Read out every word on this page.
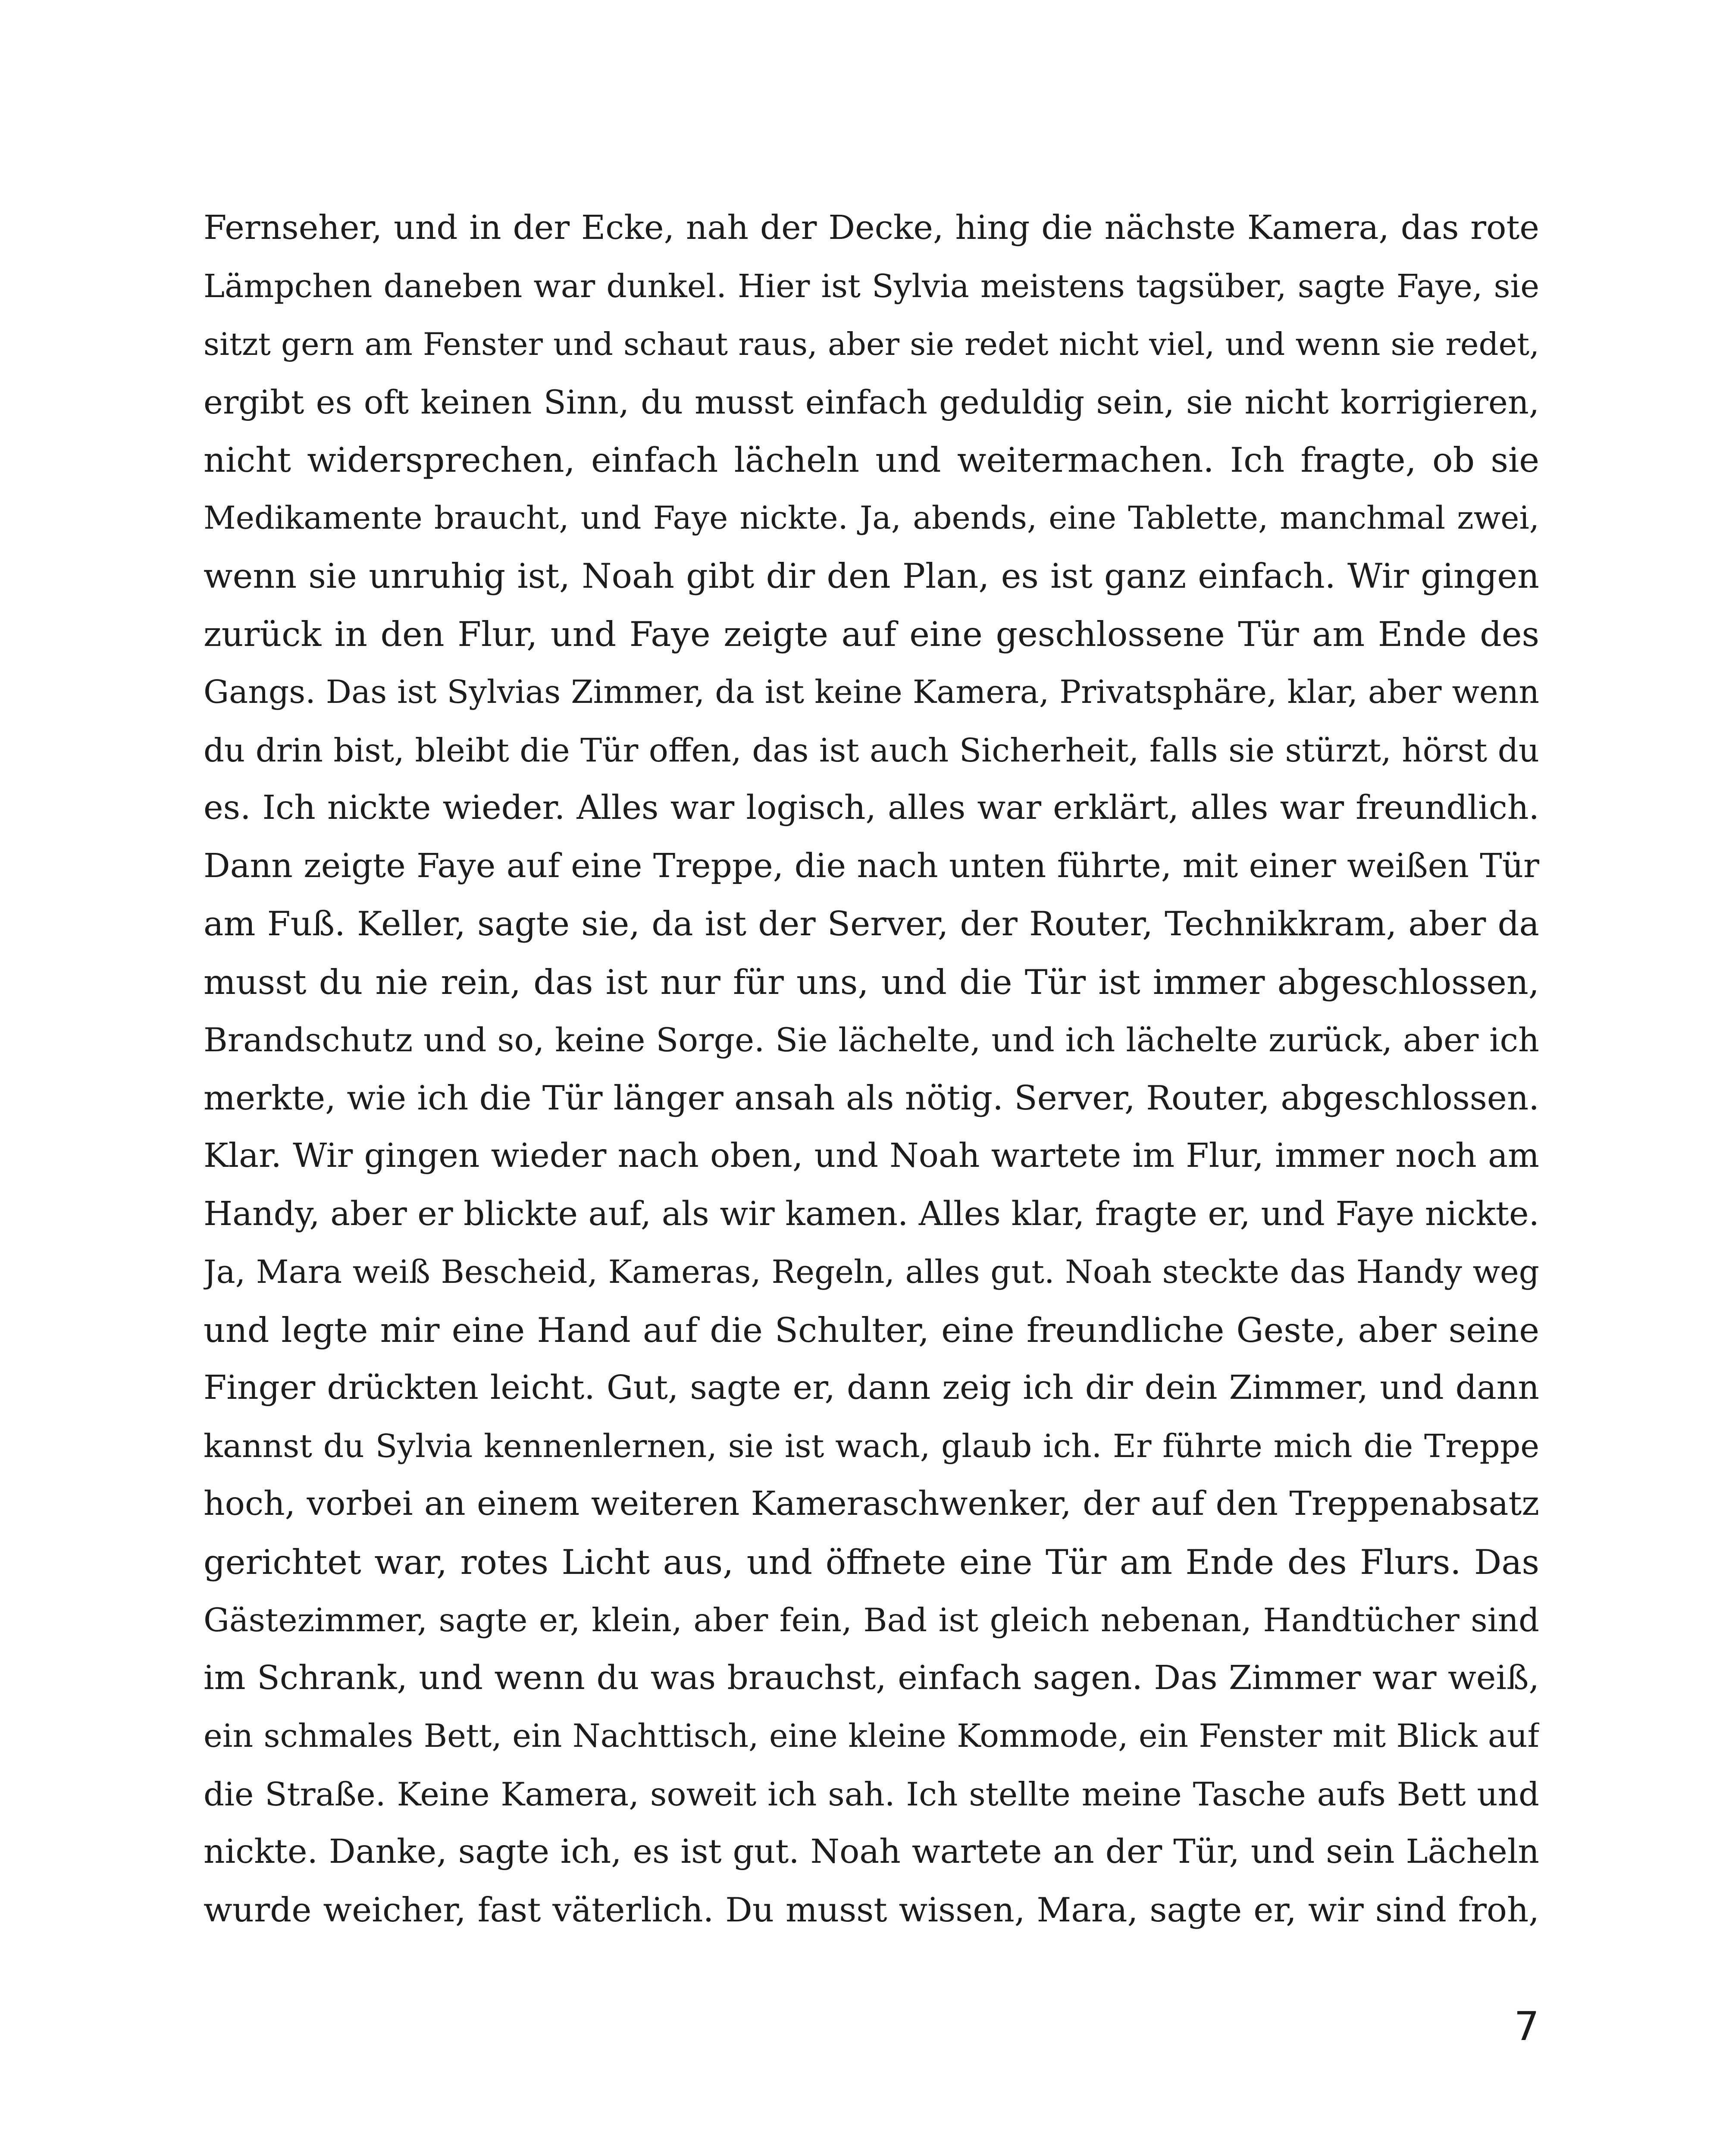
Fernseher, und in der Ecke, nah der Decke, hing die nächste Kamera, das rote
Lämpchen daneben war dunkel. Hier ist Sylvia meistens tagsüber, sagte Faye, sie
sitzt gern am Fenster und schaut raus, aber sie redet nicht viel, und wenn sie redet,
ergibt es oft keinen Sinn, du musst einfach geduldig sein, sie nicht korrigieren,
nicht widersprechen, einfach lächeln und weitermachen. Ich fragte, ob sie
Medikamente braucht, und Faye nickte. Ja, abends, eine Tablette, manchmal zwei,
wenn sie unruhig ist, Noah gibt dir den Plan, es ist ganz einfach. Wir gingen
zurück in den Flur, und Faye zeigte auf eine geschlossene Tür am Ende des
Gangs. Das ist Sylvias Zimmer, da ist keine Kamera, Privatsphäre, klar, aber wenn
du drin bist, bleibt die Tür offen, das ist auch Sicherheit, falls sie stürzt, hörst du
es. Ich nickte wieder. Alles war logisch, alles war erklärt, alles war freundlich.
Dann zeigte Faye auf eine Treppe, die nach unten führte, mit einer weißen Tür
am Fuß. Keller, sagte sie, da ist der Server, der Router, Technikkram, aber da
musst du nie rein, das ist nur für uns, und die Tür ist immer abgeschlossen,
Brandschutz und so, keine Sorge. Sie lächelte, und ich lächelte zurück, aber ich
merkte, wie ich die Tür länger ansah als nötig. Server, Router, abgeschlossen.
Klar. Wir gingen wieder nach oben, und Noah wartete im Flur, immer noch am
Handy, aber er blickte auf, als wir kamen. Alles klar, fragte er, und Faye nickte.
Ja, Mara weiß Bescheid, Kameras, Regeln, alles gut. Noah steckte das Handy weg
und legte mir eine Hand auf die Schulter, eine freundliche Geste, aber seine
Finger drückten leicht. Gut, sagte er, dann zeig ich dir dein Zimmer, und dann
kannst du Sylvia kennenlernen, sie ist wach, glaub ich. Er führte mich die Treppe
hoch, vorbei an einem weiteren Kameraschwenker, der auf den Treppenabsatz
gerichtet war, rotes Licht aus, und öffnete eine Tür am Ende des Flurs. Das
Gästezimmer, sagte er, klein, aber fein, Bad ist gleich nebenan, Handtücher sind
im Schrank, und wenn du was brauchst, einfach sagen. Das Zimmer war weiß,
ein schmales Bett, ein Nachttisch, eine kleine Kommode, ein Fenster mit Blick auf
die Straße. Keine Kamera, soweit ich sah. Ich stellte meine Tasche aufs Bett und
nickte. Danke, sagte ich, es ist gut. Noah wartete an der Tür, und sein Lächeln
wurde weicher, fast väterlich. Du musst wissen, Mara, sagte er, wir sind froh,
7
